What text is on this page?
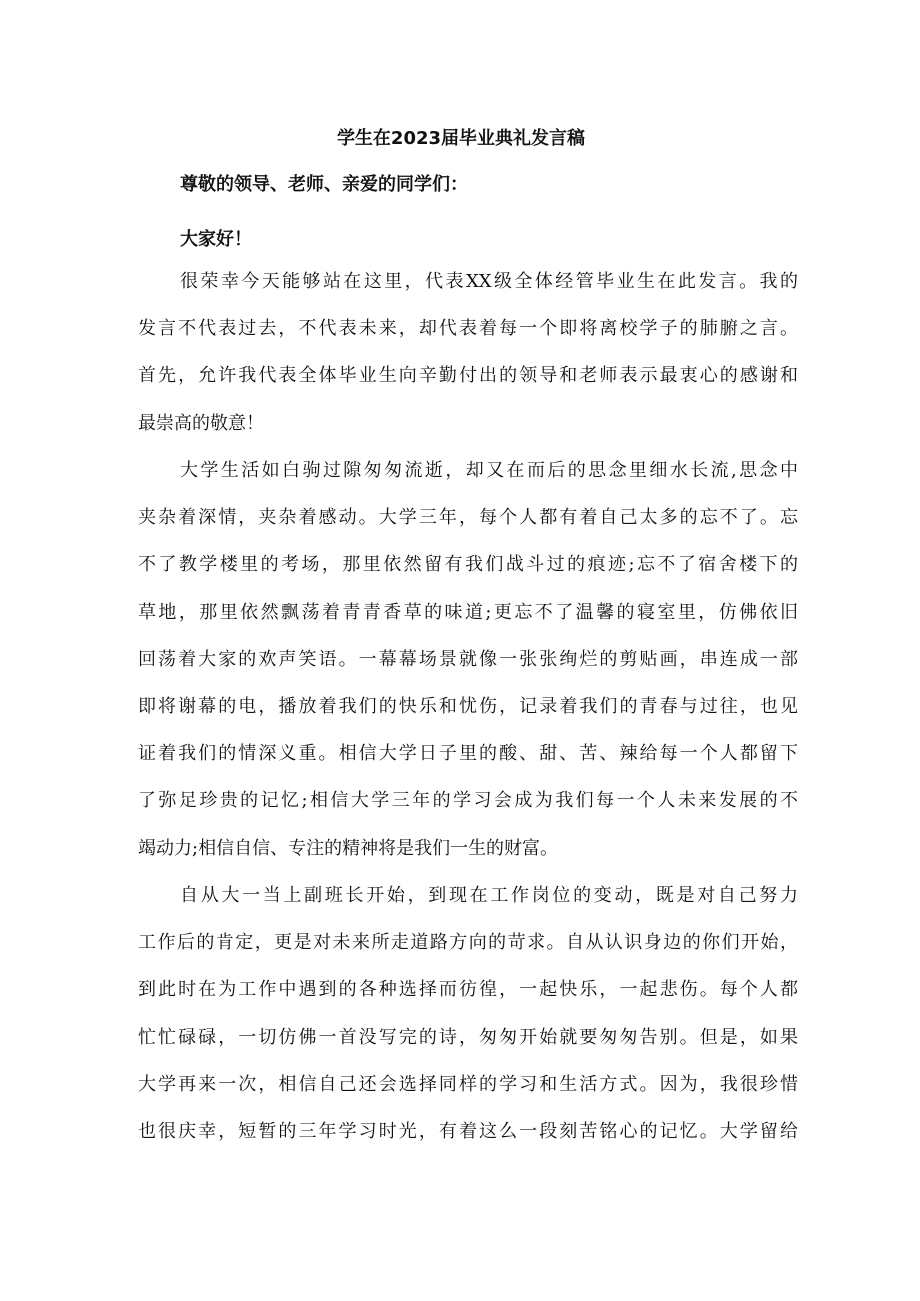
学生在2023届毕业典礼发言稿
尊敬的领导、老师、亲爱的同学们：
大家好！
很荣幸今天能够站在这里，代表XX级全体经管毕业生在此发言。我的
发言不代表过去，不代表未来，却代表着每一个即将离校学子的肺腑之言。
首先，允许我代表全体毕业生向辛勤付出的领导和老师表示最衷心的感谢和
最崇高的敬意！
大学生活如白驹过隙匆匆流逝，却又在而后的思念里细水长流,思念中
夹杂着深情，夹杂着感动。大学三年，每个人都有着自己太多的忘不了。忘
不了教学楼里的考场，那里依然留有我们战斗过的痕迹;忘不了宿舍楼下的
草地，那里依然飘荡着青青香草的味道;更忘不了温馨的寝室里，仿佛依旧
回荡着大家的欢声笑语。一幕幕场景就像一张张绚烂的剪贴画，串连成一部
即将谢幕的电，播放着我们的快乐和忧伤，记录着我们的青春与过往，也见
证着我们的情深义重。相信大学日子里的酸、甜、苦、辣给每一个人都留下
了弥足珍贵的记忆;相信大学三年的学习会成为我们每一个人未来发展的不
竭动力;相信自信、专注的精神将是我们一生的财富。
自从大一当上副班长开始，到现在工作岗位的变动，既是对自己努力
工作后的肯定，更是对未来所走道路方向的苛求。自从认识身边的你们开始，
到此时在为工作中遇到的各种选择而彷徨，一起快乐，一起悲伤。每个人都
忙忙碌碌，一切仿佛一首没写完的诗，匆匆开始就要匆匆告别。但是，如果
大学再来一次，相信自己还会选择同样的学习和生活方式。因为，我很珍惜
也很庆幸，短暂的三年学习时光，有着这么一段刻苦铭心的记忆。大学留给
